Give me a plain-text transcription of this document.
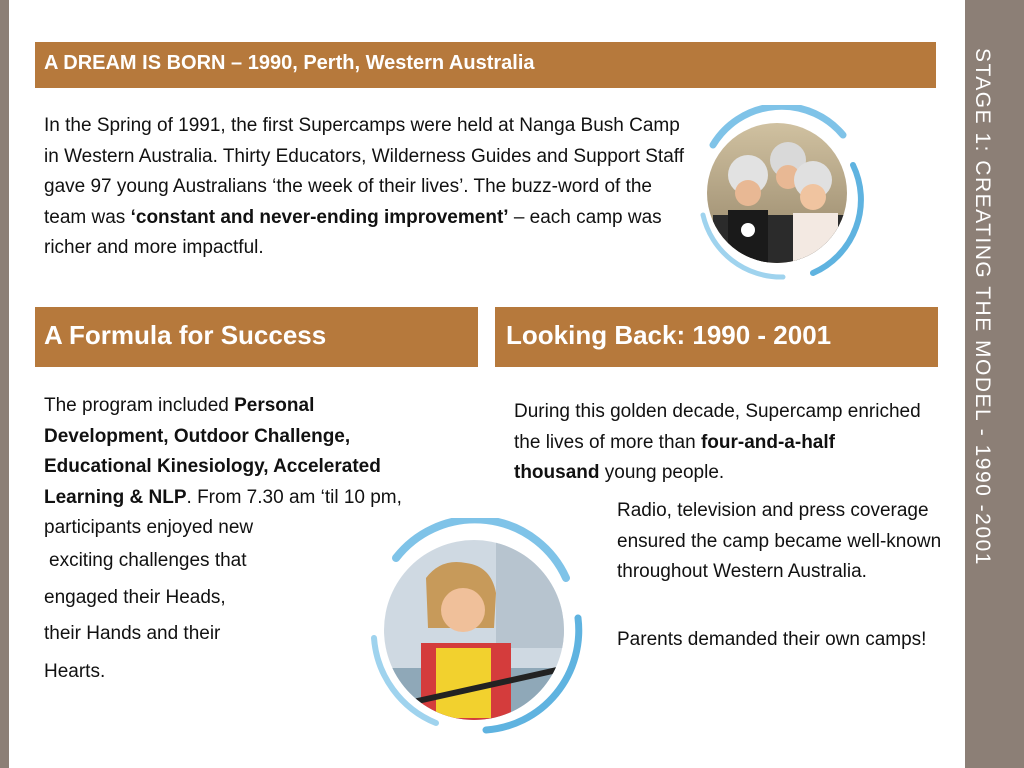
STAGE 1: CREATING THE MODEL - 1990 -2001
A DREAM IS BORN – 1990, Perth, Western Australia

In the Spring of 1991, the first Supercamps were held at Nanga Bush Camp in Western Australia. Thirty Educators, Wilderness Guides and Support Staff gave 97 young Australians ‘the week of their lives’. The buzz-word of the team was ‘constant and never-ending improvement’ – each camp was richer and more impactful.

A Formula for Success

The program included Personal Development, Outdoor Challenge, Educational Kinesiology, Accelerated Learning & NLP. From 7.30 am ‘til 10 pm, participants enjoyed new

exciting challenges that
engaged their Heads,
their Hands and their
Hearts.
Looking Back: 1990 - 2001

During this golden decade, Supercamp enriched the lives of more than four-and-a-half thousand young people.

Radio, television and press coverage ensured the camp became well-known throughout Western Australia.

Parents demanded their own camps!
